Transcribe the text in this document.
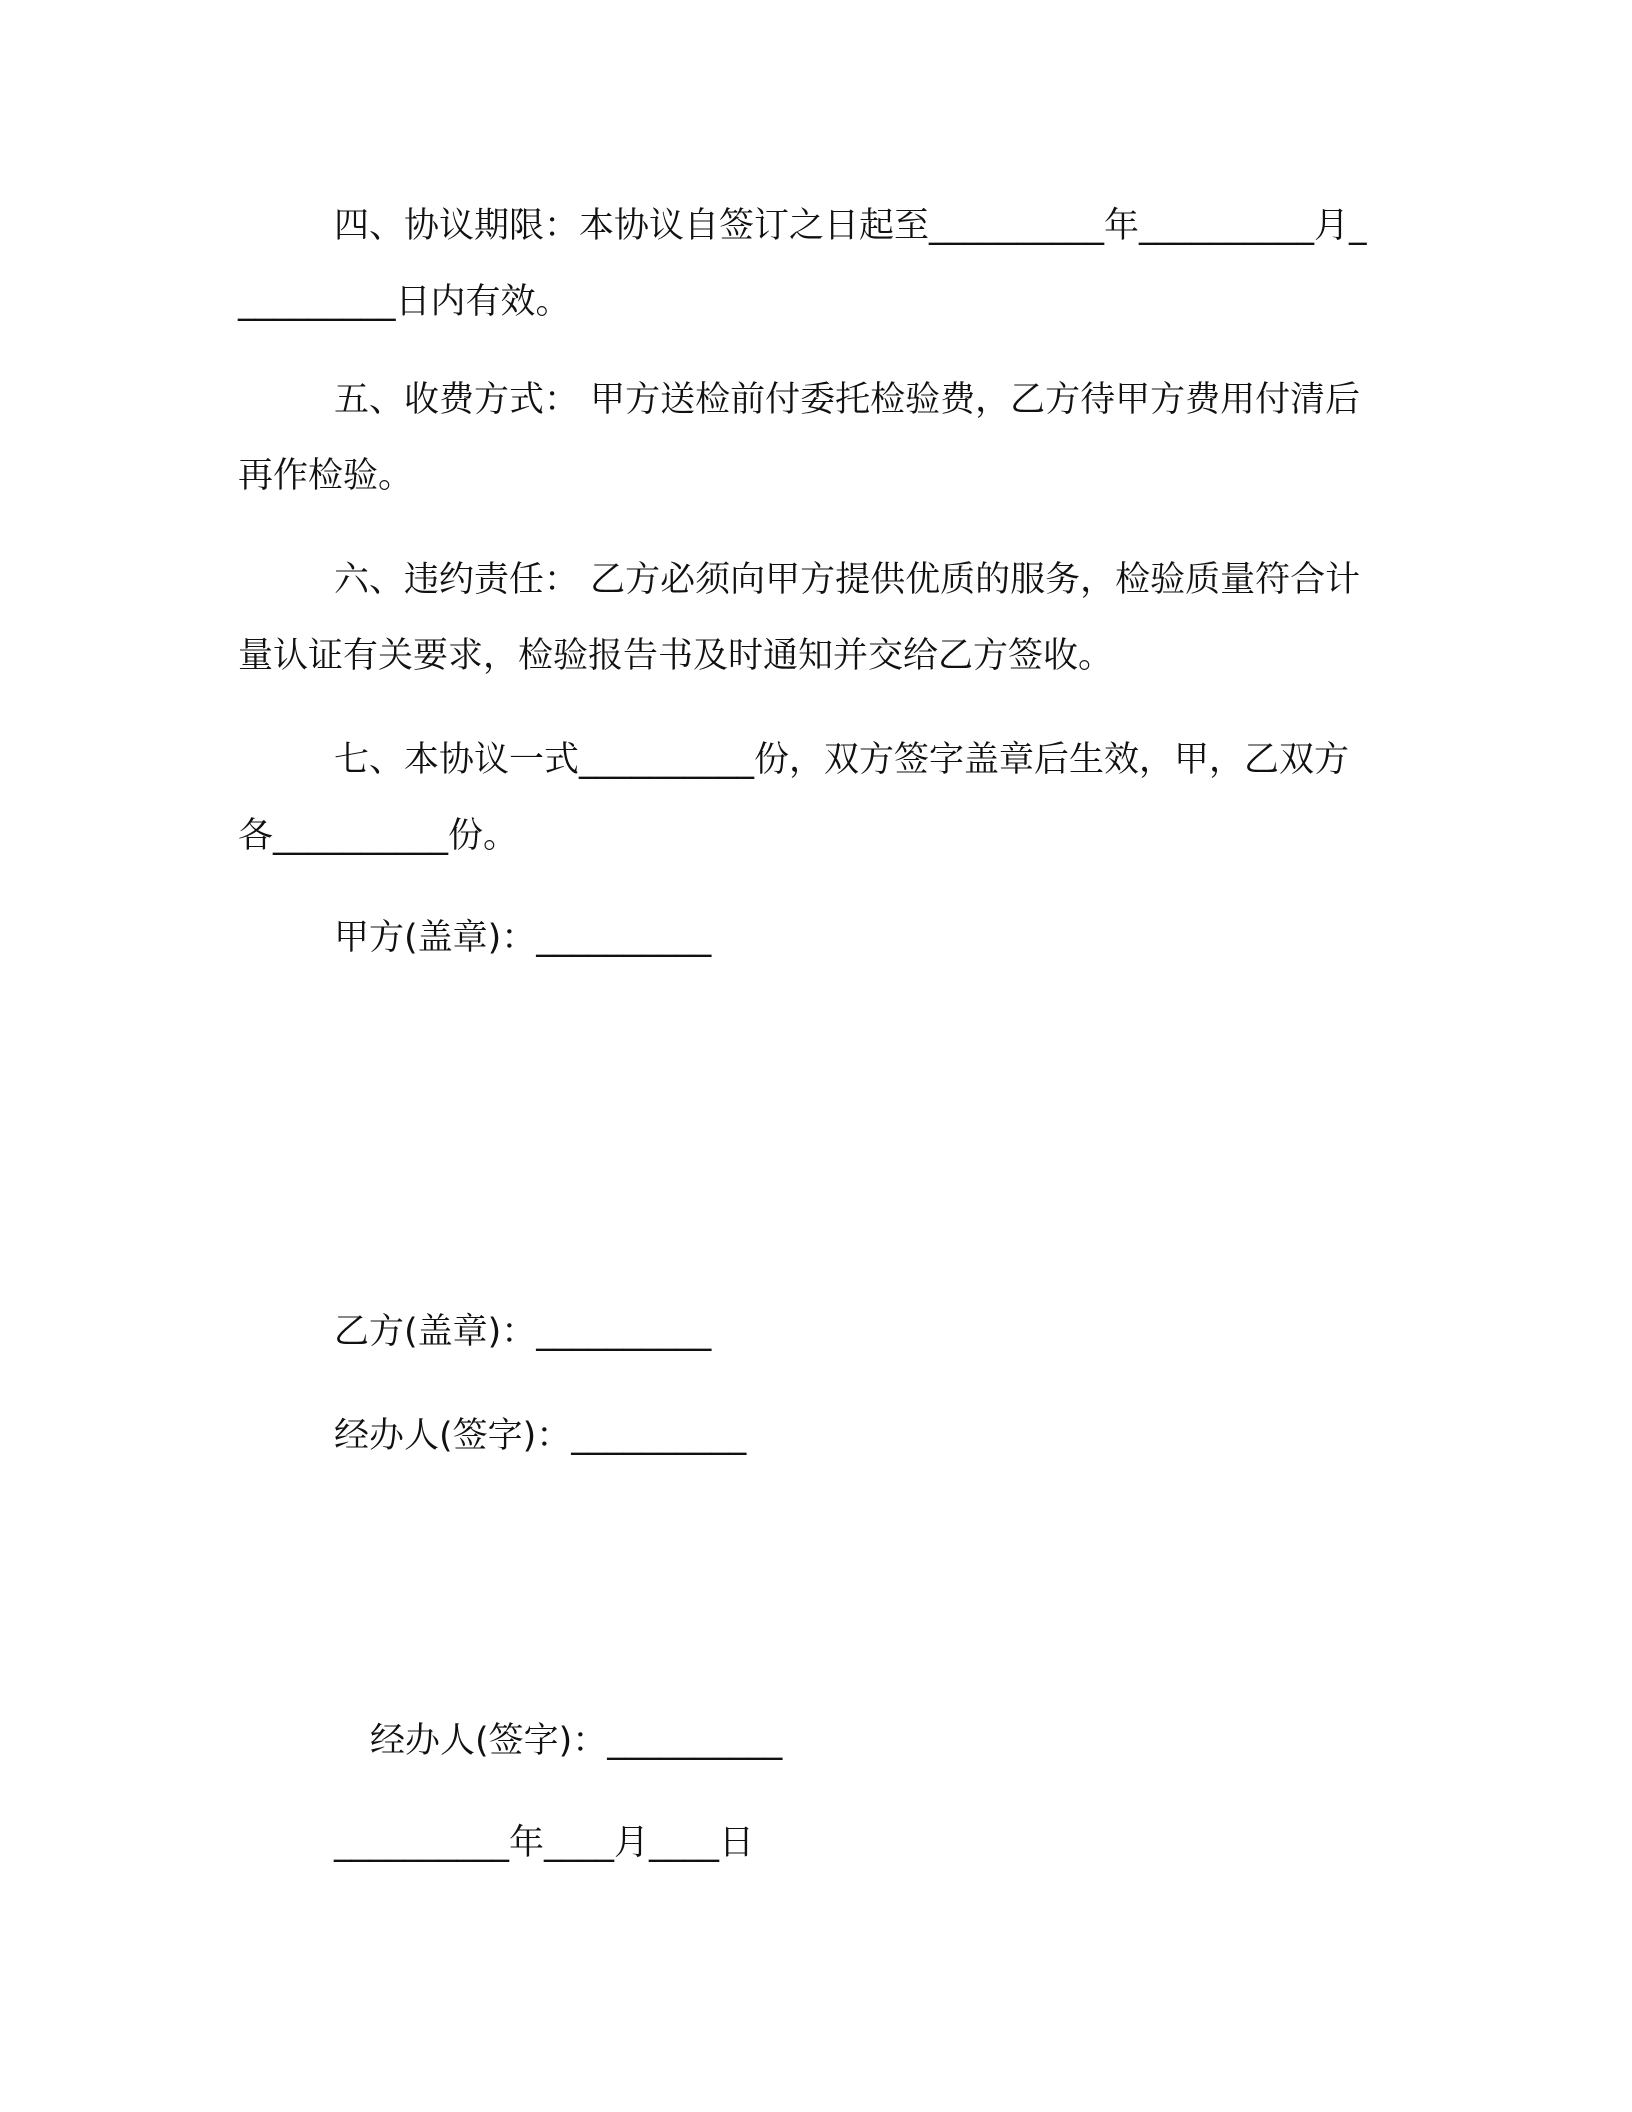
四、协议期限：本协议自签订之日起至__________年__________月__________日内有效。

五、收费方式： 甲方送检前付委托检验费，乙方待甲方费用付清后再作检验。

六、违约责任： 乙方必须向甲方提供优质的服务，检验质量符合计量认证有关要求，检验报告书及时通知并交给乙方签收。

七、本协议一式__________份，双方签字盖章后生效，甲，乙双方各__________份。

甲方(盖章)：__________

乙方(盖章)：__________

经办人(签字)：__________

经办人(签字)：__________

__________年____月____日
